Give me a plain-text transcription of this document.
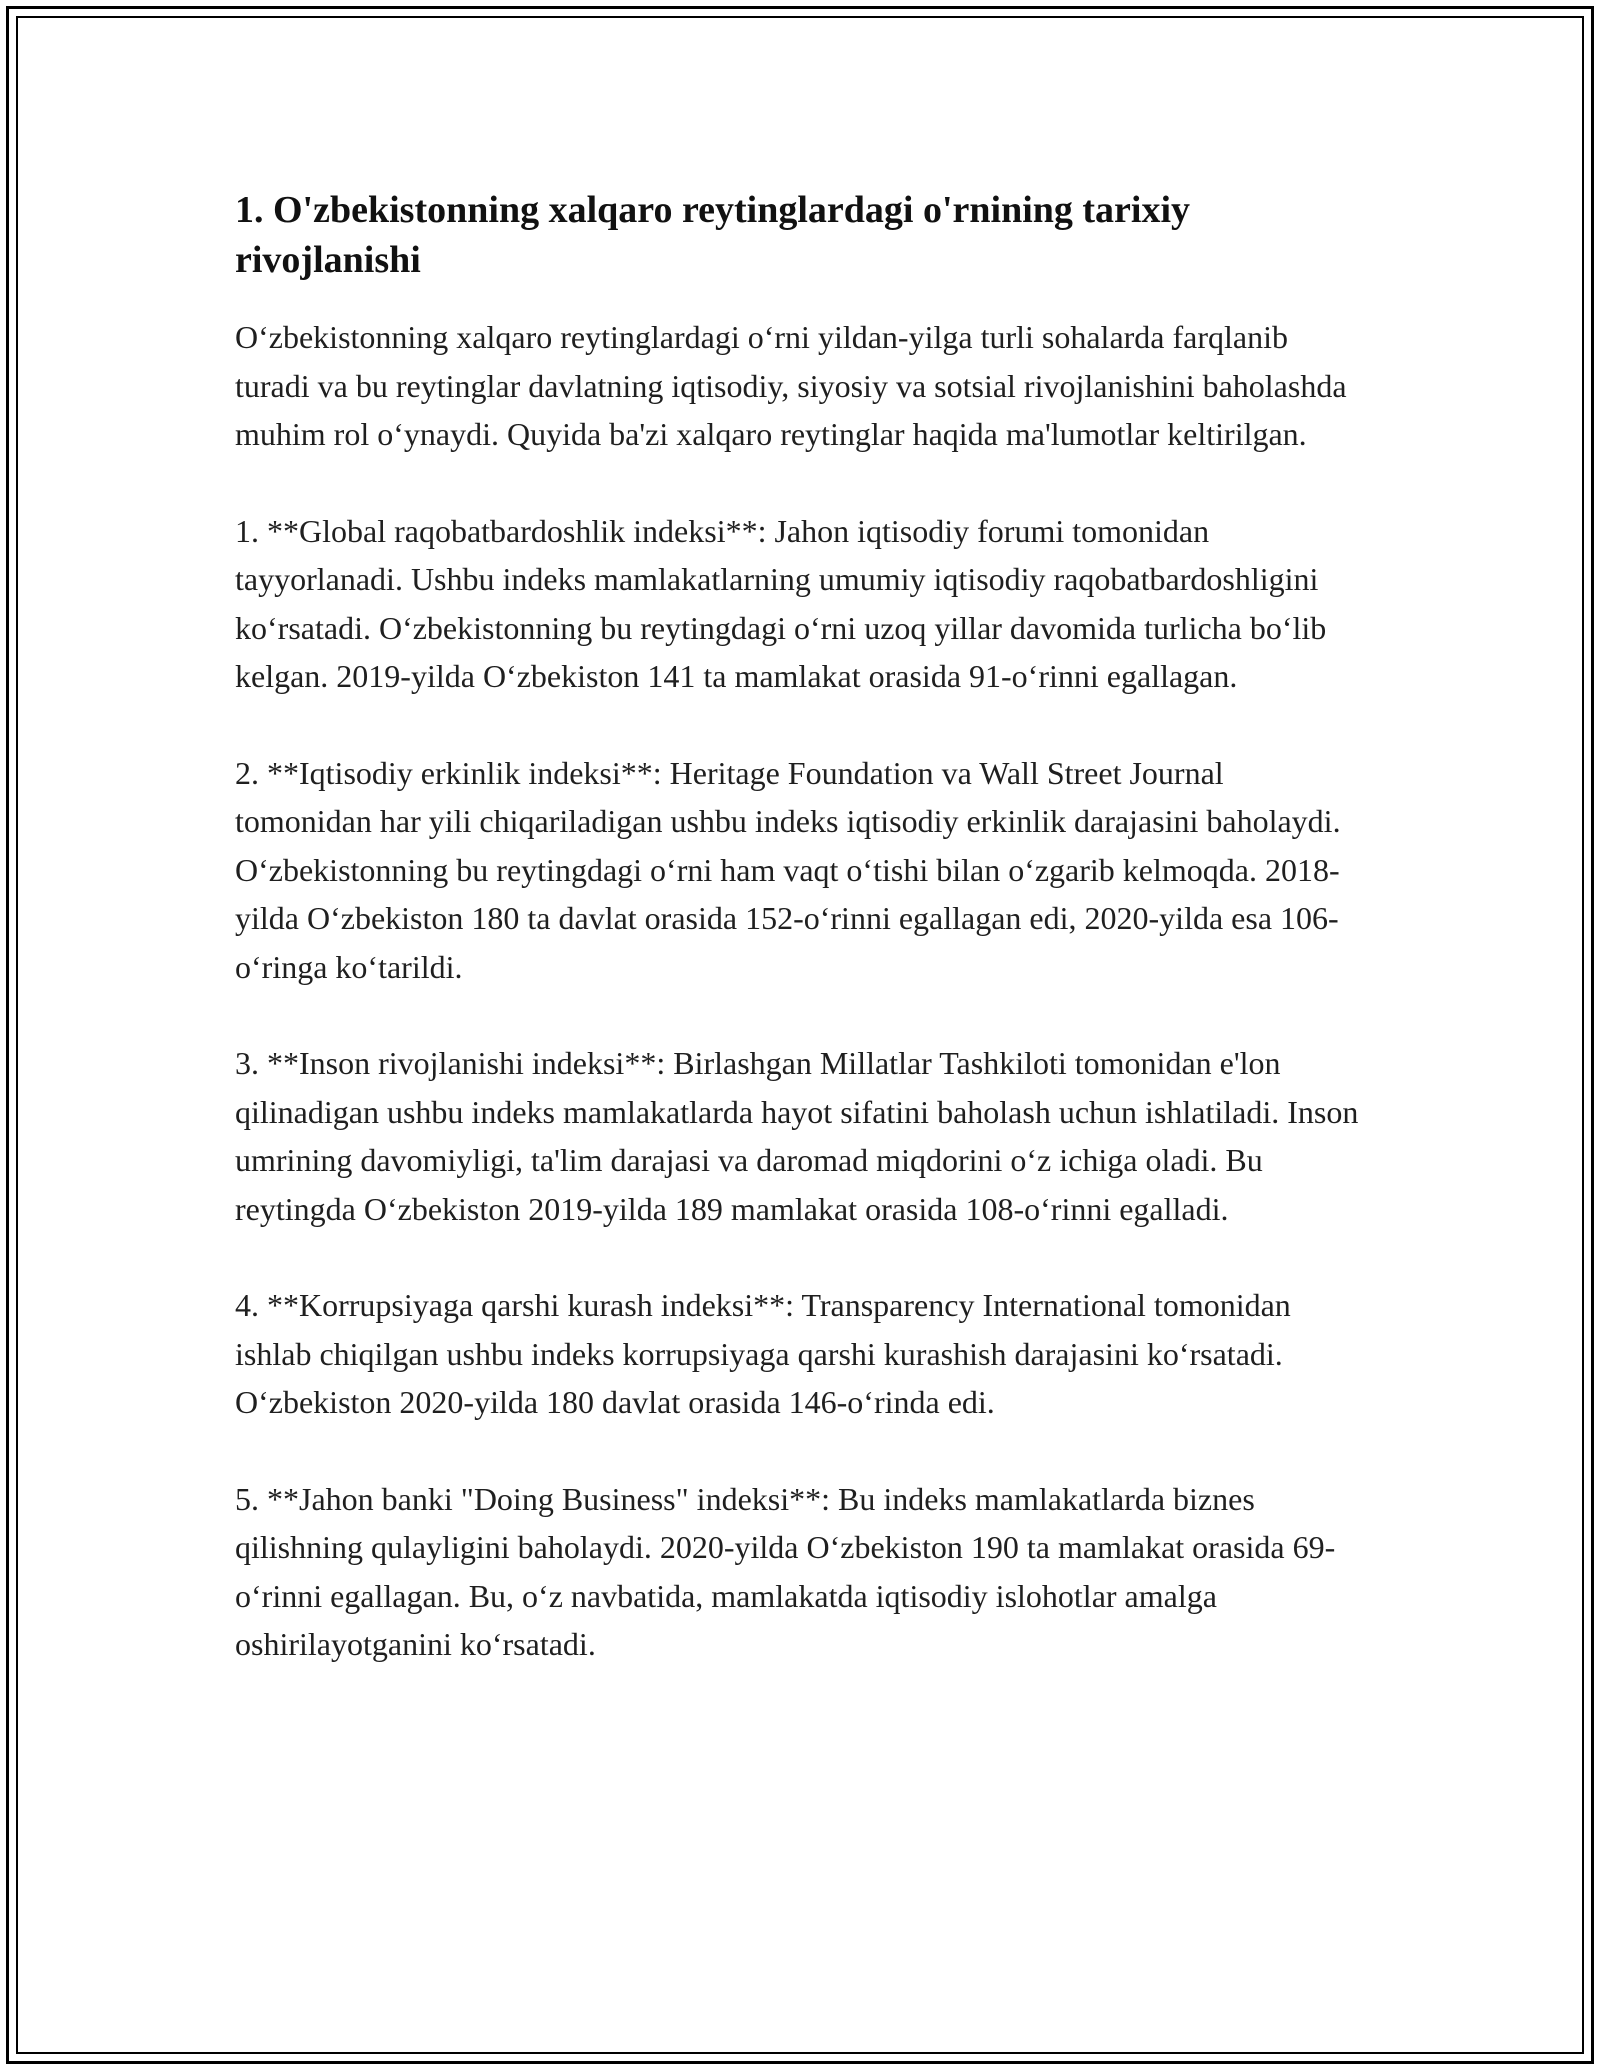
1. O'zbekistonning xalqaro reytinglardagi o'rnining tarixiy rivojlanishi

O‘zbekistonning xalqaro reytinglardagi o‘rni yildan-yilga turli sohalarda farqlanib turadi va bu reytinglar davlatning iqtisodiy, siyosiy va sotsial rivojlanishini baholashda muhim rol o‘ynaydi. Quyida ba'zi xalqaro reytinglar haqida ma'lumotlar keltirilgan.

1. **Global raqobatbardoshlik indeksi**: Jahon iqtisodiy forumi tomonidan tayyorlanadi. Ushbu indeks mamlakatlarning umumiy iqtisodiy raqobatbardoshligini ko‘rsatadi. O‘zbekistonning bu reytingdagi o‘rni uzoq yillar davomida turlicha bo‘lib kelgan. 2019-yilda O‘zbekiston 141 ta mamlakat orasida 91-o‘rinni egallagan.

2. **Iqtisodiy erkinlik indeksi**: Heritage Foundation va Wall Street Journal tomonidan har yili chiqariladigan ushbu indeks iqtisodiy erkinlik darajasini baholaydi. O‘zbekistonning bu reytingdagi o‘rni ham vaqt o‘tishi bilan o‘zgarib kelmoqda. 2018-yilda O‘zbekiston 180 ta davlat orasida 152-o‘rinni egallagan edi, 2020-yilda esa 106-o‘ringa ko‘tarildi.

3. **Inson rivojlanishi indeksi**: Birlashgan Millatlar Tashkiloti tomonidan e'lon qilinadigan ushbu indeks mamlakatlarda hayot sifatini baholash uchun ishlatiladi. Inson umrining davomiyligi, ta'lim darajasi va daromad miqdorini o‘z ichiga oladi. Bu reytingda O‘zbekiston 2019-yilda 189 mamlakat orasida 108-o‘rinni egalladi.

4. **Korrupsiyaga qarshi kurash indeksi**: Transparency International tomonidan ishlab chiqilgan ushbu indeks korrupsiyaga qarshi kurashish darajasini ko‘rsatadi. O‘zbekiston 2020-yilda 180 davlat orasida 146-o‘rinda edi.

5. **Jahon banki "Doing Business" indeksi**: Bu indeks mamlakatlarda biznes qilishning qulayligini baholaydi. 2020-yilda O‘zbekiston 190 ta mamlakat orasida 69-o‘rinni egallagan. Bu, o‘z navbatida, mamlakatda iqtisodiy islohotlar amalga oshirilayotganini ko‘rsatadi.
